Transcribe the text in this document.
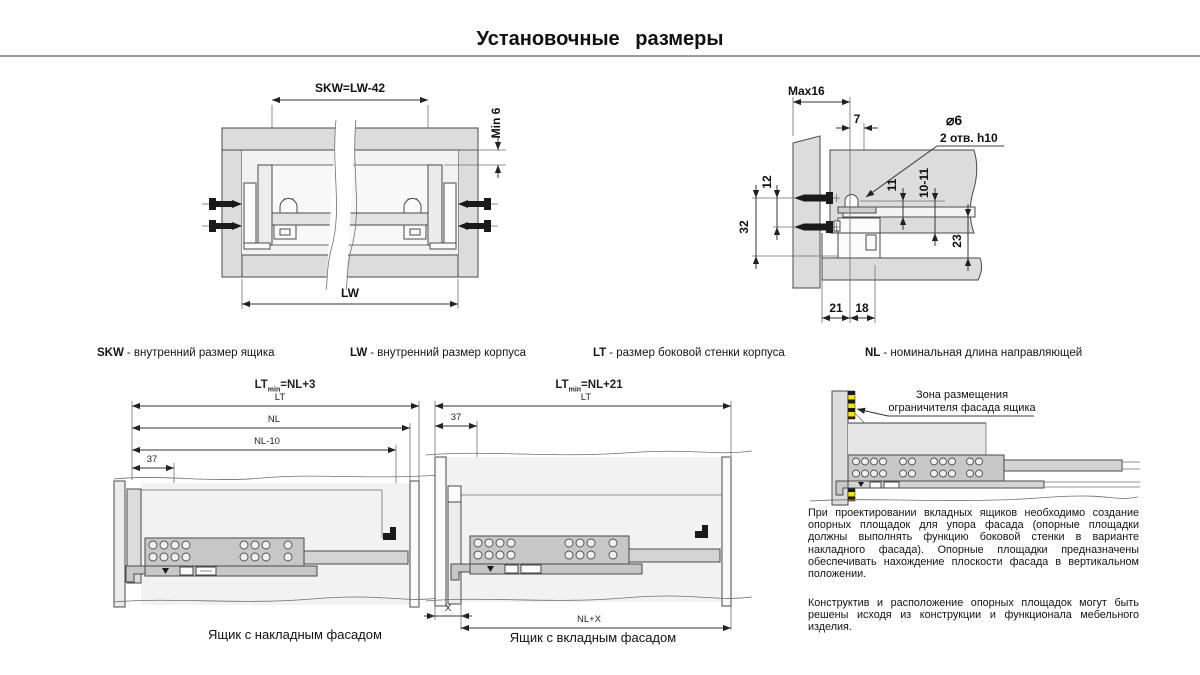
Установочные размеры
SKW=LW-42
Min 6
LW
Max16
7	⌀6
2 отв. h10
12
32
11 10-11
23
21 18
SKW - внутренний размер ящика	LW - внутренний размер корпуса	LT - размер боковой стенки корпуса	NL - номинальная длина направляющей
$LT_{min}=NL+3$
LT
NL
NL-10
37
Ящик с накладным фасадом
$LT_{min}=NL+21$
LT
37
X
NL+X
Ящик с вкладным фасадом
Зона размещения
ограничителя фасада ящика
При проектировании вкладных ящиков необходимо создание опорных площадок для упора фасада (опорные площадки должны выполнять функцию боковой стенки в варианте накладного фасада). Опорные площадки предназначены обеспечивать нахождение плоскости фасада в вертикальном положении.
Конструктив и расположение опорных площадок могут быть решены исходя из конструкции и функционала мебельного изделия.
